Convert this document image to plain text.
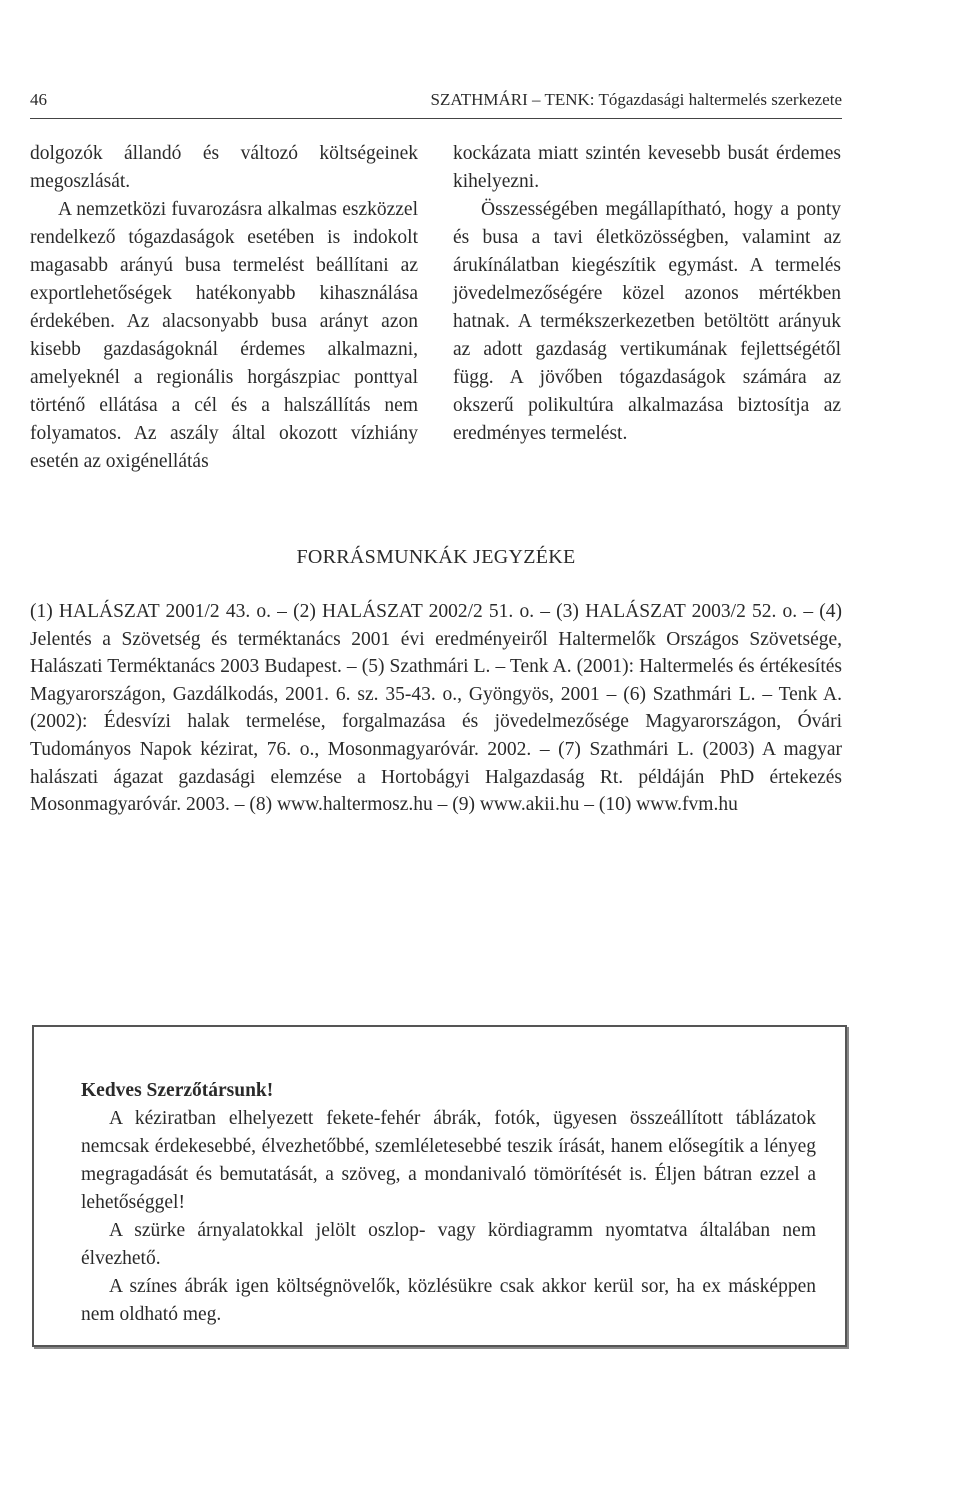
46	SZATHMÁRI – TENK: Tógazdasági haltermelés szerkezete

dolgozók állandó és változó költségeinek megoszlását.

A nemzetközi fuvarozásra alkalmas eszközzel rendelkező tógazdaságok esetében is indokolt magasabb arányú busa termelést beállítani az exportlehetőségek hatékonyabb kihasználása érdekében. Az alacsonyabb busa arányt azon kisebb gazdaságoknál érdemes alkalmazni, amelyeknél a regionális horgászpiac ponttyal történő ellátása a cél és a halszállítás nem folyamatos. Az aszály által okozott vízhiány esetén az oxigénellátás

kockázata miatt szintén kevesebb busát érdemes kihelyezni.

Összességében megállapítható, hogy a ponty és busa a tavi életközösségben, valamint az árukínálatban kiegészítik egymást. A termelés jövedelmezőségére közel azonos mértékben hatnak. A termékszerkezetben betöltött arányuk az adott gazdaság vertikumának fejlettségétől függ. A jövőben tógazdaságok számára az okszerű polikultúra alkalmazása biztosítja az eredményes termelést.

FORRÁSMUNKÁK JEGYZÉKE

(1) HALÁSZAT 2001/2 43. o. – (2) HALÁSZAT 2002/2 51. o. – (3) HALÁSZAT 2003/2 52. o. – (4) Jelentés a Szövetség és terméktanács 2001 évi eredményeiről Haltermelők Országos Szövetsége, Halászati Terméktanács 2003 Budapest. – (5) Szathmári L. – Tenk A. (2001): Haltermelés és értékesítés Magyarországon, Gazdálkodás, 2001. 6. sz. 35-43. o., Gyöngyös, 2001 – (6) Szathmári L. – Tenk A. (2002): Édesvízi halak termelése, forgalmazása és jövedelmezősége Magyarországon, Óvári Tudományos Napok kézirat, 76. o., Mosonmagyaróvár. 2002. – (7) Szathmári L. (2003) A magyar halászati ágazat gazdasági elemzése a Hortobágyi Halgazdaság Rt. példáján PhD értekezés Mosonmagyaróvár. 2003. – (8) www.haltermosz.hu – (9) www.akii.hu – (10) www.fvm.hu

Kedves Szerzőtársunk!

A kéziratban elhelyezett fekete-fehér ábrák, fotók, ügyesen összeállított táblázatok nemcsak érdekesebbé, élvezhetőbbé, szemléletesebbé teszik írását, hanem elősegítik a lényeg megragadását és bemutatását, a szöveg, a mondanivaló tömörítését is. Éljen bátran ezzel a lehetőséggel!

A szürke árnyalatokkal jelölt oszlop- vagy kördiagramm nyomtatva általában nem élvezhető.

A színes ábrák igen költségnövelők, közlésükre csak akkor kerül sor, ha ex másképpen nem oldható meg.
